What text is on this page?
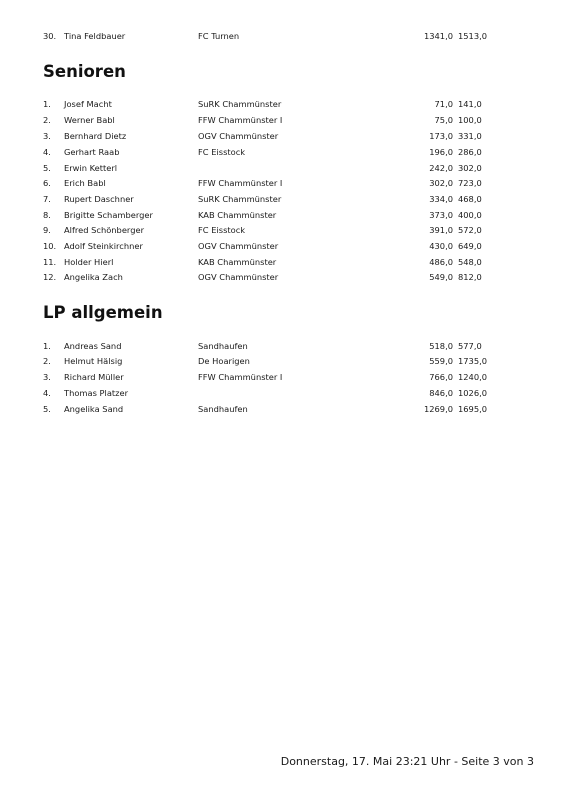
30. Tina Feldbauer	FC Turnen	1341,0 1513,0
Senioren
1. Josef Macht	SuRK Chammünster	71,0 141,0
2. Werner Babl	FFW Chammünster I	75,0 100,0
3. Bernhard Dietz	OGV Chammünster	173,0 331,0
4. Gerhart Raab	FC Eisstock	196,0 286,0
5. Erwin Ketterl	242,0 302,0
6. Erich Babl	FFW Chammünster I	302,0 723,0
7. Rupert Daschner	SuRK Chammünster	334,0 468,0
8. Brigitte Schamberger	KAB Chammünster	373,0 400,0
9. Alfred Schönberger	FC Eisstock	391,0 572,0
10. Adolf Steinkirchner	OGV Chammünster	430,0 649,0
11. Holder Hierl	KAB Chammünster	486,0 548,0
12. Angelika Zach	OGV Chammünster	549,0 812,0
LP allgemein
1. Andreas Sand	Sandhaufen	518,0 577,0
2. Helmut Hälsig	De Hoarigen	559,0 1735,0
3. Richard Müller	FFW Chammünster I	766,0 1240,0
4. Thomas Platzer	846,0 1026,0
5. Angelika Sand	Sandhaufen	1269,0 1695,0
Donnerstag, 17. Mai 23:21 Uhr - Seite 3 von 3
